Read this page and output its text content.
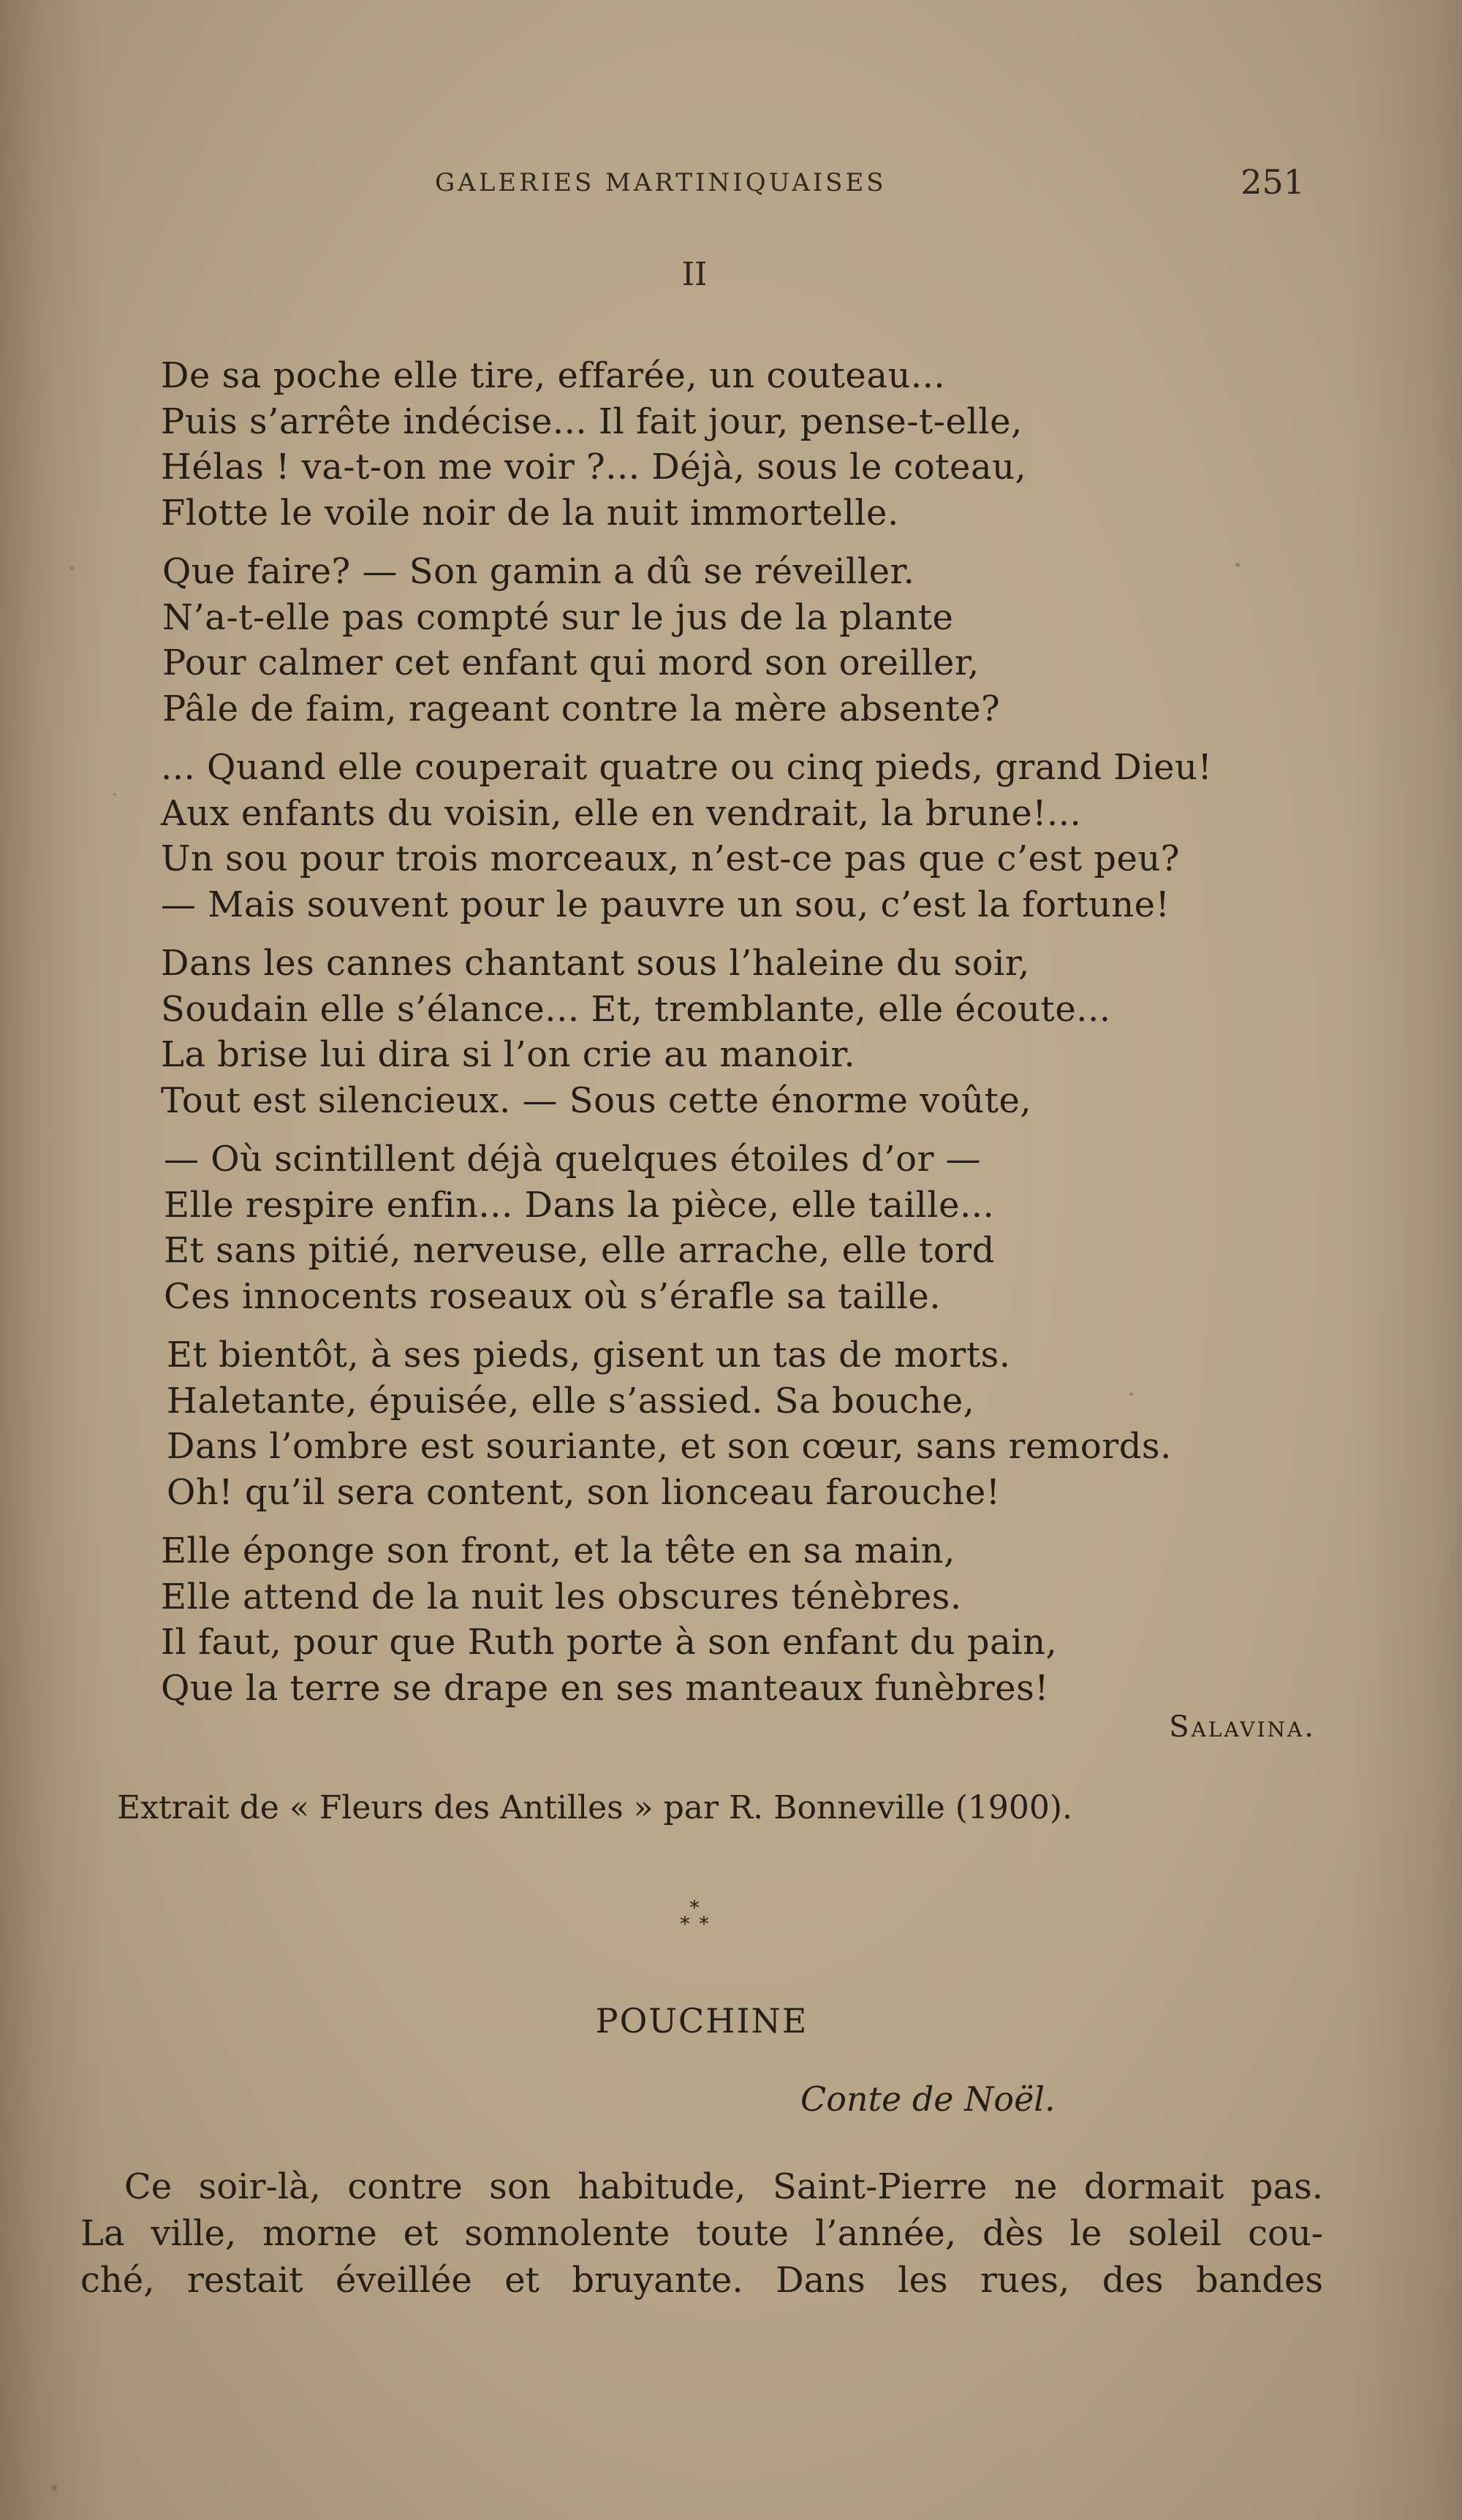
GALERIES MARTINIQUAISES	251
II
De sa poche elle tire, effarée, un couteau...
Puis s’arrête indécise... Il fait jour, pense-t-elle,
Hélas ! va-t-on me voir ?... Déjà, sous le coteau,
Flotte le voile noir de la nuit immortelle.
Que faire? — Son gamin a dû se réveiller.
N’a-t-elle pas compté sur le jus de la plante
Pour calmer cet enfant qui mord son oreiller,
Pâle de faim, rageant contre la mère absente?
... Quand elle couperait quatre ou cinq pieds, grand Dieu!
Aux enfants du voisin, elle en vendrait, la brune!...
Un sou pour trois morceaux, n’est-ce pas que c’est peu?
— Mais souvent pour le pauvre un sou, c’est la fortune!
Dans les cannes chantant sous l’haleine du soir,
Soudain elle s’élance... Et, tremblante, elle écoute...
La brise lui dira si l’on crie au manoir.
Tout est silencieux. — Sous cette énorme voûte,
— Où scintillent déjà quelques étoiles d’or —
Elle respire enfin... Dans la pièce, elle taille...
Et sans pitié, nerveuse, elle arrache, elle tord
Ces innocents roseaux où s’érafle sa taille.
Et bientôt, à ses pieds, gisent un tas de morts.
Haletante, épuisée, elle s’assied. Sa bouche,
Dans l’ombre est souriante, et son cœur, sans remords.
Oh! qu’il sera content, son lionceau farouche!
Elle éponge son front, et la tête en sa main,
Elle attend de la nuit les obscures ténèbres.
Il faut, pour que Ruth porte à son enfant du pain,
Que la terre se drape en ses manteaux funèbres!
Salavina.
Extrait de « Fleurs des Antilles » par R. Bonneville (1900).
*
* *
POUCHINE
Conte de Noël.
Ce soir-là, contre son habitude, Saint-Pierre ne dormait pas.
La ville, morne et somnolente toute l’année, dès le soleil cou-
ché, restait éveillée et bruyante. Dans les rues, des bandes
